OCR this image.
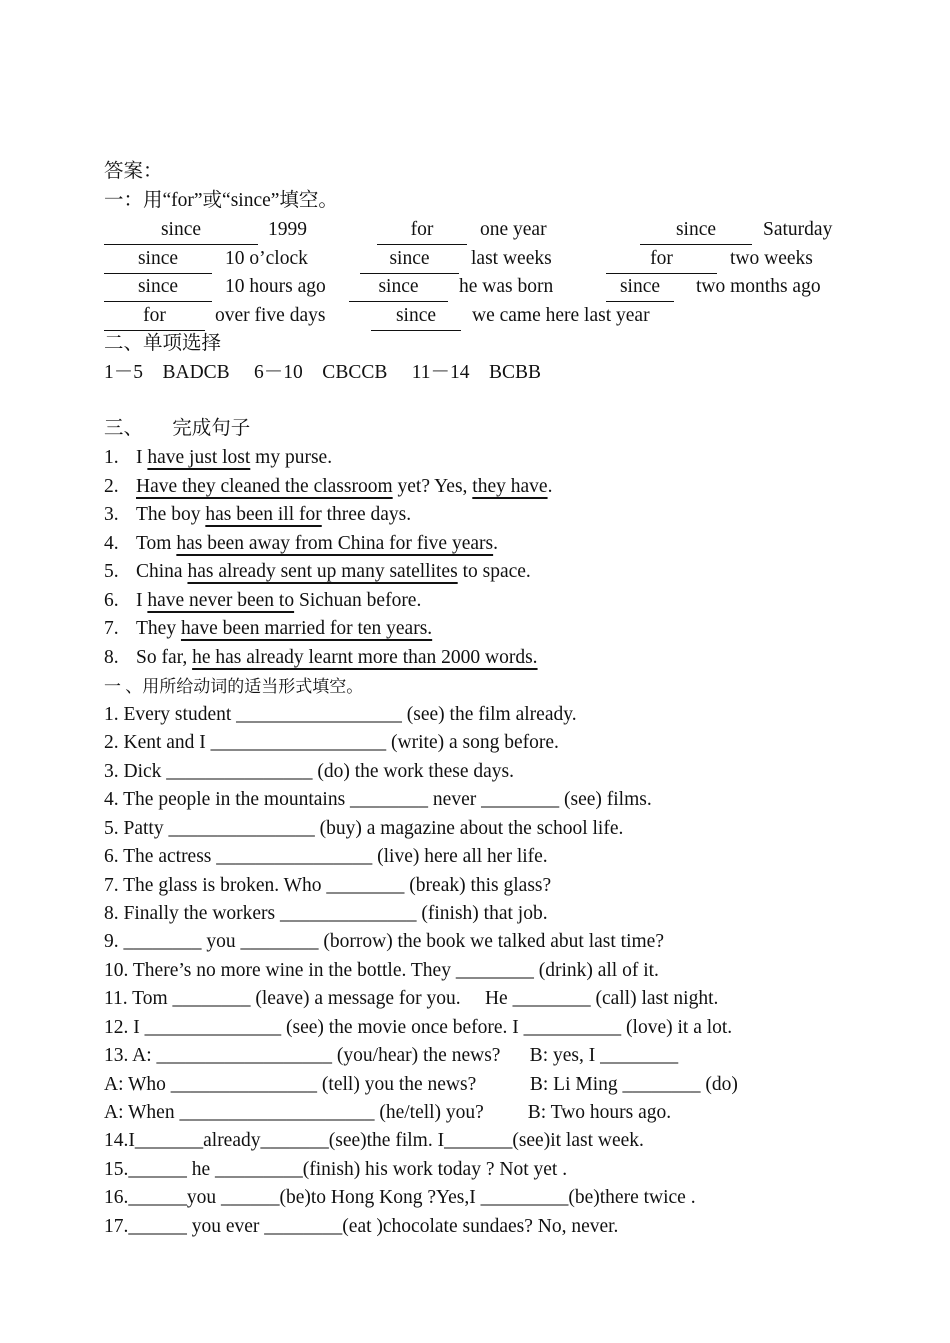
答案：
一：用“for”或“since”填空。
since	1999	for	one year	since	Saturday
since	10 o’clock	since	last weeks	for	two weeks
since	10 hours ago	since	he was born	since	two months ago
for	over five days	since	we came here last year
二、单项选择
1－5    BADCB     6－10    CBCCB     11－14    BCBB
三、      完成句子
1. I have just lost my purse.
2. Have they cleaned the classroom yet? Yes, they have.
3. The boy has been ill for three days.
4. Tom has been away from China for five years.
5. China has already sent up many satellites to space.
6. I have never been to Sichuan before.
7. They have been married for ten years.
8. So far, he has already learnt more than 2000 words.
一 、用所给动词的适当形式填空。
1. Every student _________________ (see) the film already.
2. Kent and I __________________ (write) a song before.
3. Dick _______________ (do) the work these days.
4. The people in the mountains ________ never ________ (see) films.
5. Patty _______________ (buy) a magazine about the school life.
6. The actress ________________ (live) here all her life.
7. The glass is broken. Who ________ (break) this glass?
8. Finally the workers ______________ (finish) that job.
9. ________ you ________ (borrow) the book we talked abut last time?
10. There’s no more wine in the bottle. They ________ (drink) all of it.
11. Tom ________ (leave) a message for you.     He ________ (call) last night.
12. I ______________ (see) the movie once before. I __________ (love) it a lot.
13. A: __________________ (you/hear) the news?      B: yes, I ________
A: Who _______________ (tell) you the news?           B: Li Ming ________ (do)
A: When ____________________ (he/tell) you?         B: Two hours ago.
14.I_______already_______(see)the film. I_______(see)it last week.
15.______ he _________(finish) his work today ? Not yet .
16.______you ______(be)to Hong Kong ?Yes,I _________(be)there twice .
17.______ you ever ________(eat )chocolate sundaes? No, never.
